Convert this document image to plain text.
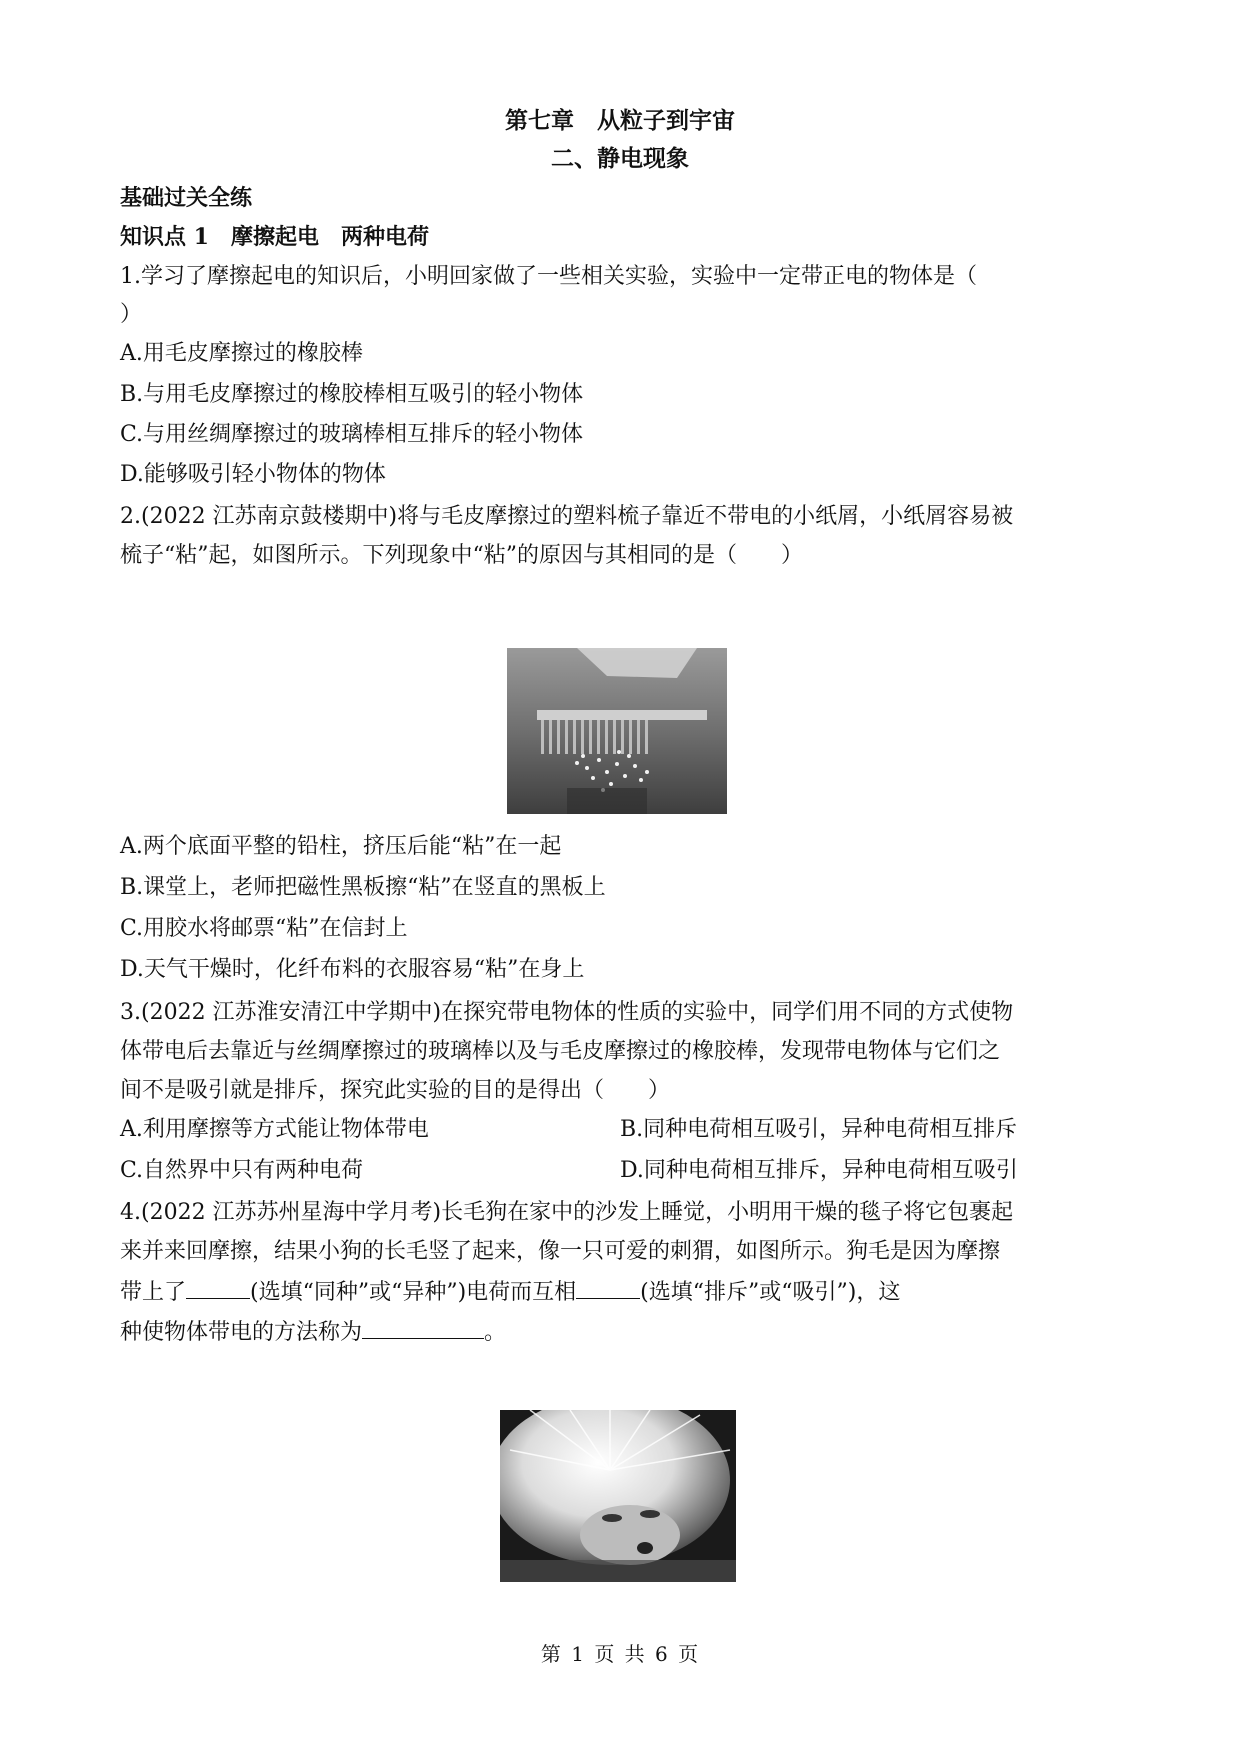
第七章　从粒子到宇宙
二、静电现象
基础过关全练
知识点 1　摩擦起电　两种电荷
1.学习了摩擦起电的知识后，小明回家做了一些相关实验，实验中一定带正电的物体是（
）
A.用毛皮摩擦过的橡胶棒
B.与用毛皮摩擦过的橡胶棒相互吸引的轻小物体
C.与用丝绸摩擦过的玻璃棒相互排斥的轻小物体
D.能够吸引轻小物体的物体
2.(2022 江苏南京鼓楼期中)将与毛皮摩擦过的塑料梳子靠近不带电的小纸屑，小纸屑容易被
梳子“粘”起，如图所示。下列现象中“粘”的原因与其相同的是（　　）
A.两个底面平整的铅柱，挤压后能“粘”在一起
B.课堂上，老师把磁性黑板擦“粘”在竖直的黑板上
C.用胶水将邮票“粘”在信封上
D.天气干燥时，化纤布料的衣服容易“粘”在身上
3.(2022 江苏淮安清江中学期中)在探究带电物体的性质的实验中，同学们用不同的方式使物
体带电后去靠近与丝绸摩擦过的玻璃棒以及与毛皮摩擦过的橡胶棒，发现带电物体与它们之
间不是吸引就是排斥，探究此实验的目的是得出（　　）
A.利用摩擦等方式能让物体带电	B.同种电荷相互吸引，异种电荷相互排斥
C.自然界中只有两种电荷	D.同种电荷相互排斥，异种电荷相互吸引
4.(2022 江苏苏州星海中学月考)长毛狗在家中的沙发上睡觉，小明用干燥的毯子将它包裹起
来并来回摩擦，结果小狗的长毛竖了起来，像一只可爱的刺猬，如图所示。狗毛是因为摩擦
带上了	(选填“同种”或“异种”)电荷而互相	(选填“排斥”或“吸引”)，这
种使物体带电的方法称为	。
第 1 页 共 6 页
